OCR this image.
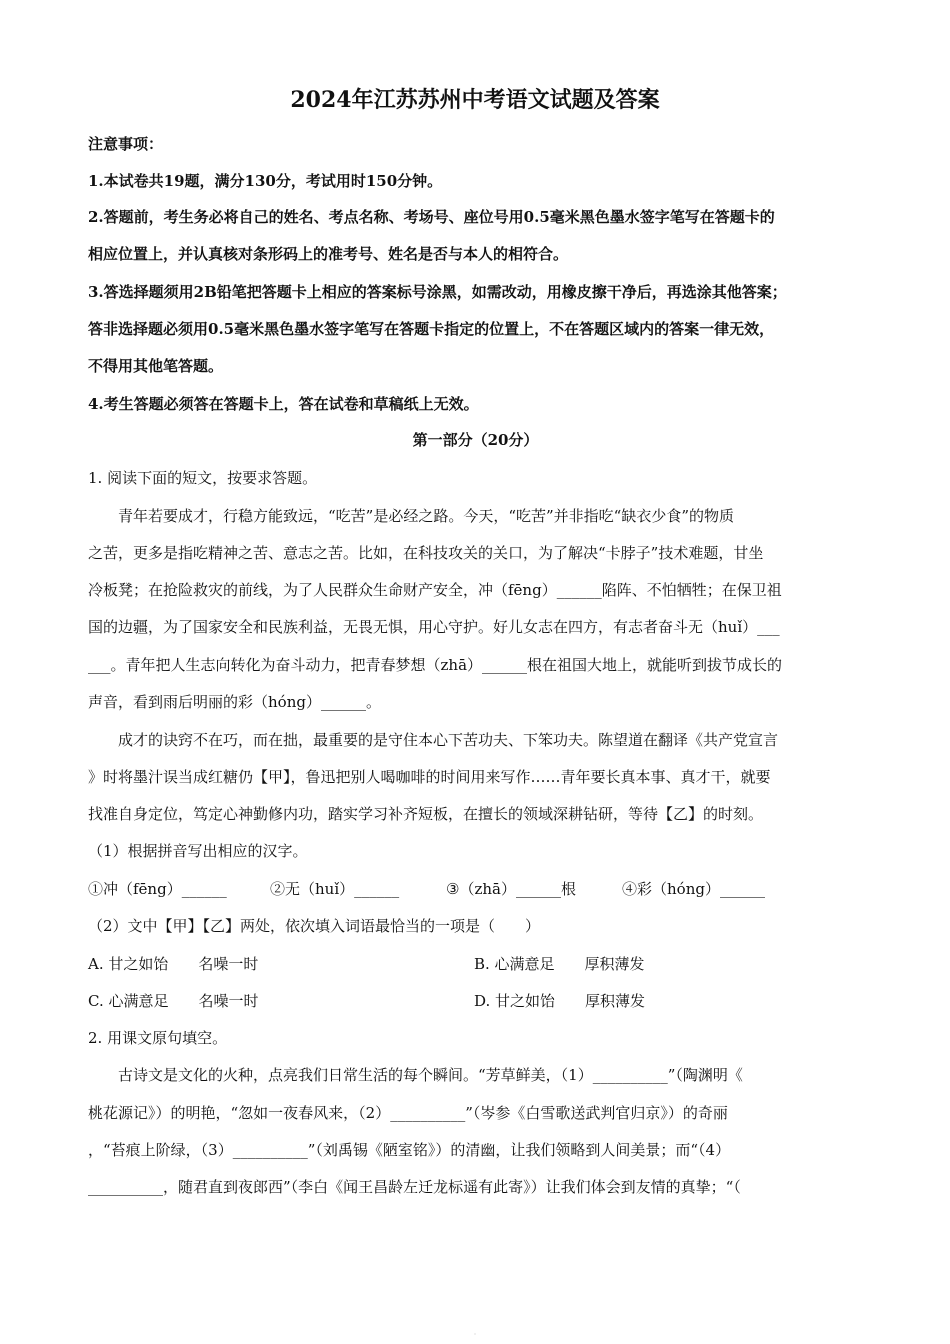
2024年江苏苏州中考语文试题及答案
注意事项：
1.本试卷共19题，满分130分，考试用时150分钟。
2.答题前，考生务必将自己的姓名、考点名称、考场号、座位号用0.5毫米黑色墨水签字笔写在答题卡的
相应位置上，并认真核对条形码上的准考号、姓名是否与本人的相符合。
3.答选择题须用2B铅笔把答题卡上相应的答案标号涂黑，如需改动，用橡皮擦干净后，再选涂其他答案；
答非选择题必须用0.5毫米黑色墨水签字笔写在答题卡指定的位置上，不在答题区域内的答案一律无效，
不得用其他笔答题。
4.考生答题必须答在答题卡上，答在试卷和草稿纸上无效。
第一部分（20分）
1. 阅读下面的短文，按要求答题。
青年若要成才，行稳方能致远，“吃苦”是必经之路。今天，“吃苦”并非指吃“缺衣少食”的物质
之苦，更多是指吃精神之苦、意志之苦。比如，在科技攻关的关口，为了解决“卡脖子”技术难题，甘坐
冷板凳；在抢险救灾的前线，为了人民群众生命财产安全，冲（fēng）______陷阵、不怕牺牲；在保卫祖
国的边疆，为了国家安全和民族利益，无畏无惧，用心守护。好儿女志在四方，有志者奋斗无（huǐ）___
___。青年把人生志向转化为奋斗动力，把青春梦想（zhā）______根在祖国大地上，就能听到拔节成长的
声音，看到雨后明丽的彩（hóng）______。
成才的诀窍不在巧，而在拙，最重要的是守住本心下苦功夫、下笨功夫。陈望道在翻译《共产党宣言
》时将墨汁误当成红糖仍【甲】，鲁迅把别人喝咖啡的时间用来写作……青年要长真本事、真才干，就要
找准自身定位，笃定心神勤修内功，踏实学习补齐短板，在擅长的领域深耕钻研，等待【乙】的时刻。
（1）根据拼音写出相应的汉字。
①冲（fēng）______	②无（huǐ）______	③（zhā）______根	④彩（hóng）______
（2）文中【甲】【乙】两处，依次填入词语最恰当的一项是（　　）
A. 甘之如饴　　名噪一时	B. 心满意足　　厚积薄发
C. 心满意足　　名噪一时	D. 甘之如饴　　厚积薄发
2. 用课文原句填空。
古诗文是文化的火种，点亮我们日常生活的每个瞬间。“芳草鲜美，（1）__________”（陶渊明《
桃花源记》）的明艳，“忽如一夜春风来，（2）__________”（岑参《白雪歌送武判官归京》）的奇丽
，“苔痕上阶绿，（3）__________”（刘禹锡《陋室铭》）的清幽，让我们领略到人间美景；而“（4）
__________，随君直到夜郎西”（李白《闻王昌龄左迁龙标遥有此寄》）让我们体会到友情的真挚；“（
·
